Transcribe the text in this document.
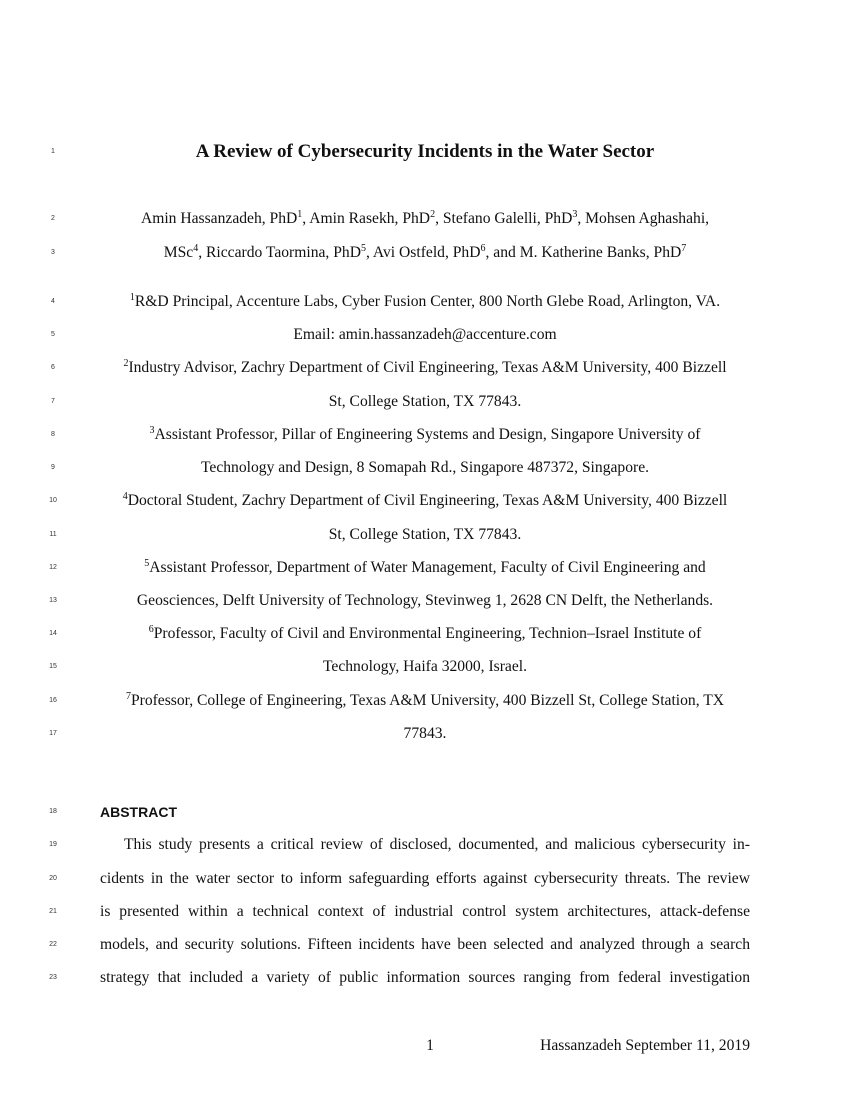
1	A Review of Cybersecurity Incidents in the Water Sector
2	Amin Hassanzadeh, PhD$^1$, Amin Rasekh, PhD$^2$, Stefano Galelli, PhD$^3$, Mohsen Aghashahi,
3	MSc$^4$, Riccardo Taormina, PhD$^5$, Avi Ostfeld, PhD$^6$, and M. Katherine Banks, PhD$^7$
4	$^1$R&D Principal, Accenture Labs, Cyber Fusion Center, 800 North Glebe Road, Arlington, VA.
5	Email: amin.hassanzadeh@accenture.com
6	$^2$Industry Advisor, Zachry Department of Civil Engineering, Texas A&M University, 400 Bizzell
7	St, College Station, TX 77843.
8	$^3$Assistant Professor, Pillar of Engineering Systems and Design, Singapore University of
9	Technology and Design, 8 Somapah Rd., Singapore 487372, Singapore.
10	$^4$Doctoral Student, Zachry Department of Civil Engineering, Texas A&M University, 400 Bizzell
11	St, College Station, TX 77843.
12	$^5$Assistant Professor, Department of Water Management, Faculty of Civil Engineering and
13	Geosciences, Delft University of Technology, Stevinweg 1, 2628 CN Delft, the Netherlands.
14	$^6$Professor, Faculty of Civil and Environmental Engineering, Technion–Israel Institute of
15	Technology, Haifa 32000, Israel.
16	$^7$Professor, College of Engineering, Texas A&M University, 400 Bizzell St, College Station, TX
17	77843.
18	ABSTRACT
19	This study presents a critical review of disclosed, documented, and malicious cybersecurity in-
20	cidents in the water sector to inform safeguarding efforts against cybersecurity threats. The review
21	is presented within a technical context of industrial control system architectures, attack-defense
22	models, and security solutions. Fifteen incidents have been selected and analyzed through a search
23	strategy that included a variety of public information sources ranging from federal investigation
1	Hassanzadeh September 11, 2019
